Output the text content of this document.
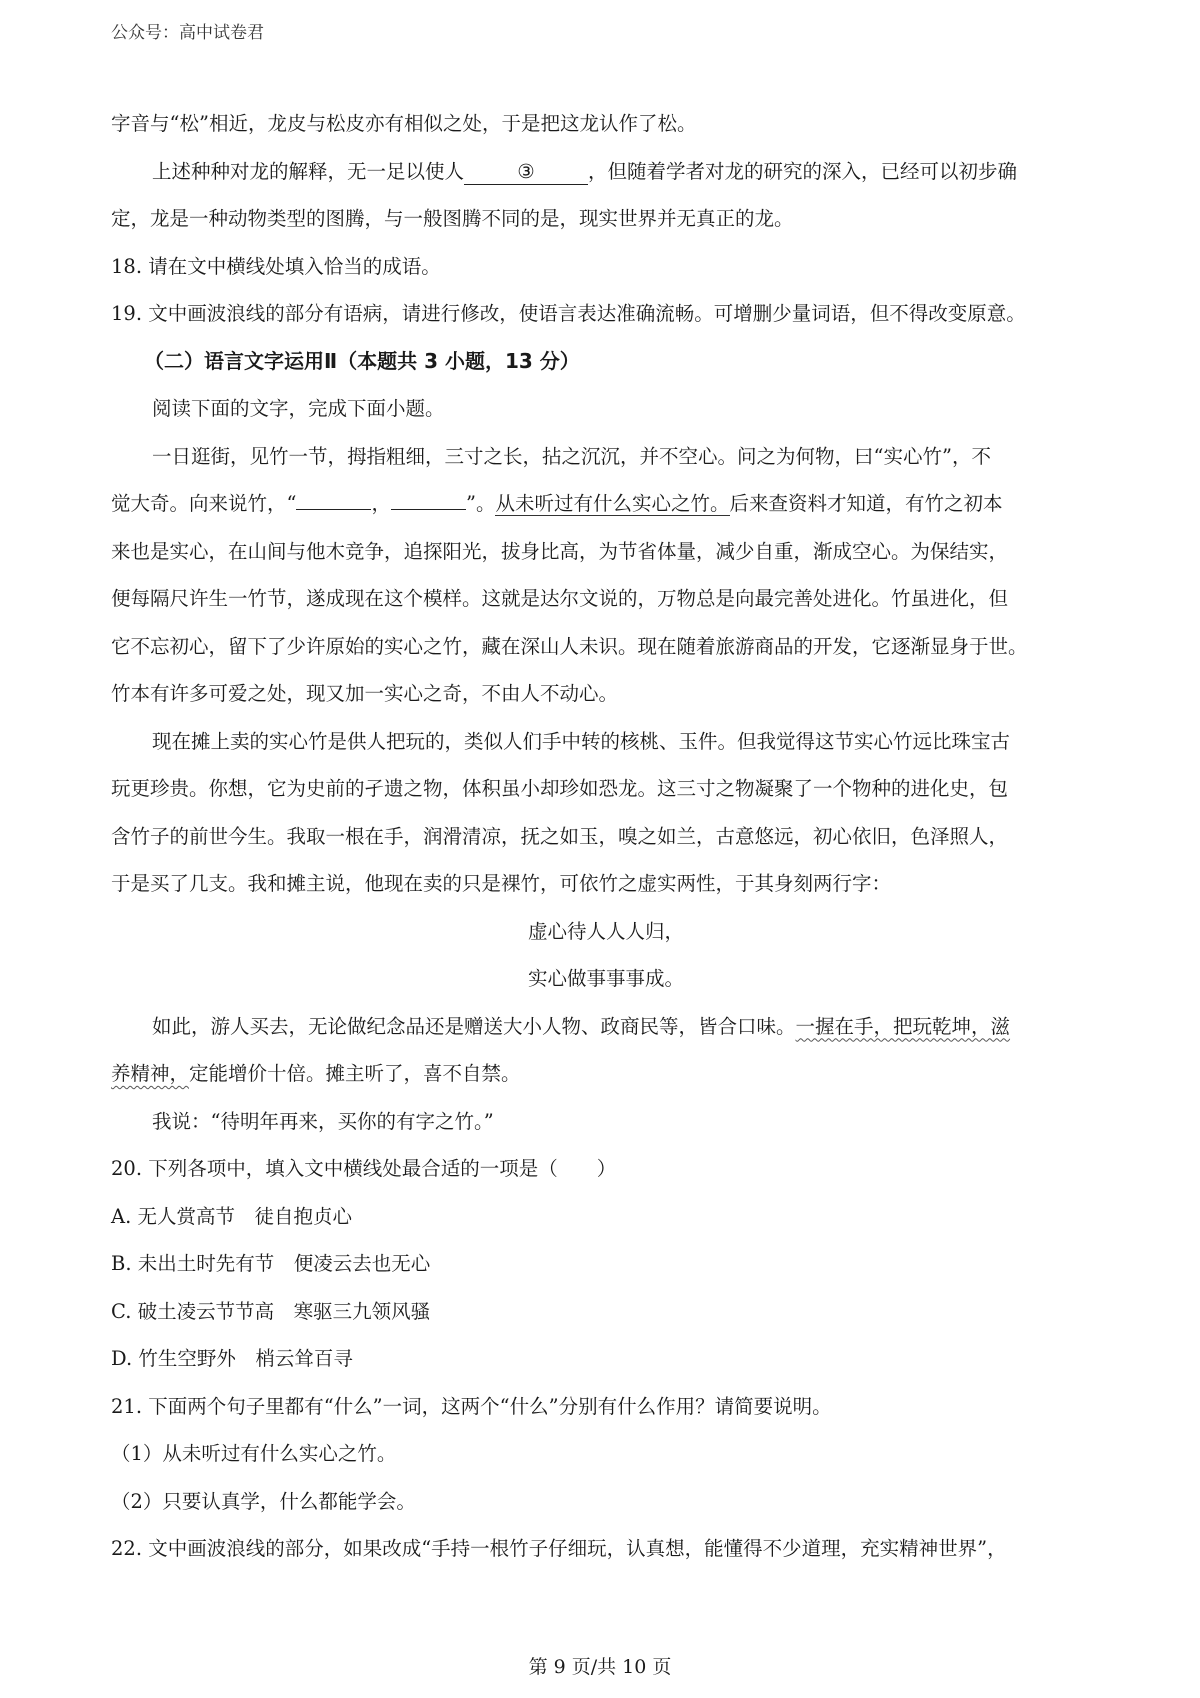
公众号：高中试卷君
字音与“松”相近，龙皮与松皮亦有相似之处，于是把这龙认作了松。
上述种种对龙的解释，无一足以使人	③	，但随着学者对龙的研究的深入，已经可以初步确
定，龙是一种动物类型的图腾，与一般图腾不同的是，现实世界并无真正的龙。
18. 请在文中横线处填入恰当的成语。
19. 文中画波浪线的部分有语病，请进行修改，使语言表达准确流畅。可增删少量词语，但不得改变原意。
（二）语言文字运用Ⅱ（本题共 3 小题，13 分）
阅读下面的文字，完成下面小题。
一日逛街，见竹一节，拇指粗细，三寸之长，拈之沉沉，并不空心。问之为何物，曰“实心竹”，不
觉大奇。向来说竹，“	，	”。从未听过有什么实心之竹。后来查资料才知道，有竹之初本
来也是实心，在山间与他木竞争，追探阳光，拔身比高，为节省体量，减少自重，渐成空心。为保结实，
便每隔尺许生一竹节，遂成现在这个模样。这就是达尔文说的，万物总是向最完善处进化。竹虽进化，但
它不忘初心，留下了少许原始的实心之竹，藏在深山人未识。现在随着旅游商品的开发，它逐渐显身于世。
竹本有许多可爱之处，现又加一实心之奇，不由人不动心。
现在摊上卖的实心竹是供人把玩的，类似人们手中转的核桃、玉件。但我觉得这节实心竹远比珠宝古
玩更珍贵。你想，它为史前的孑遗之物，体积虽小却珍如恐龙。这三寸之物凝聚了一个物种的进化史，包
含竹子的前世今生。我取一根在手，润滑清凉，抚之如玉，嗅之如兰，古意悠远，初心依旧，色泽照人，
于是买了几支。我和摊主说，他现在卖的只是裸竹，可依竹之虚实两性，于其身刻两行字：
虚心待人人人归，
实心做事事事成。
如此，游人买去，无论做纪念品还是赠送大小人物、政商民等，皆合口味。一握在手，把玩乾坤，滋
养精神，定能增价十倍。摊主听了，喜不自禁。
我说：“待明年再来，买你的有字之竹。”
20. 下列各项中，填入文中横线处最合适的一项是（　　）
A. 无人赏高节　徒自抱贞心
B. 未出土时先有节　便凌云去也无心
C. 破土凌云节节高　寒驱三九领风骚
D. 竹生空野外　梢云耸百寻
21. 下面两个句子里都有“什么”一词，这两个“什么”分别有什么作用？请简要说明。
（1）从未听过有什么实心之竹。
（2）只要认真学，什么都能学会。
22. 文中画波浪线的部分，如果改成“手持一根竹子仔细玩，认真想，能懂得不少道理，充实精神世界”，
第 9 页/共 10 页
